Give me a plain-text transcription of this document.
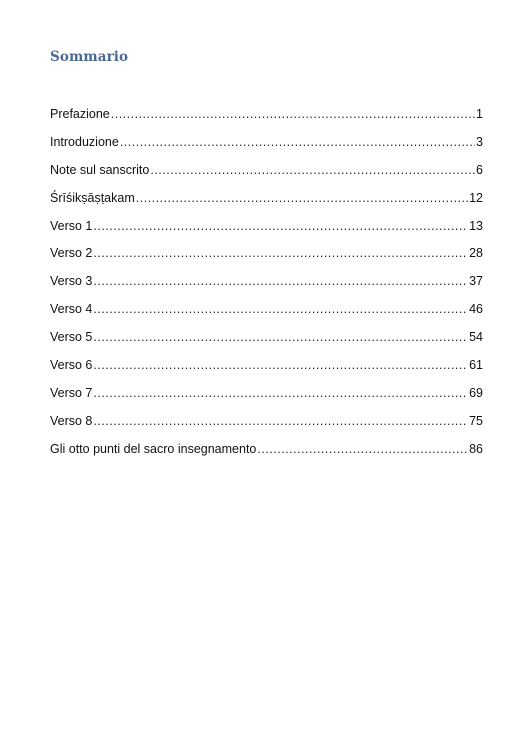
Sommario
Prefazione .....	1
Introduzione .....	3
Note sul sanscrito .....	6
Śrīśikṣāṣṭakam .....	12
Verso 1 .....	13
Verso 2 .....	28
Verso 3 .....	37
Verso 4 .....	46
Verso 5 .....	54
Verso 6 .....	61
Verso 7 .....	69
Verso 8 .....	75
Gli otto punti del sacro insegnamento .....	86
